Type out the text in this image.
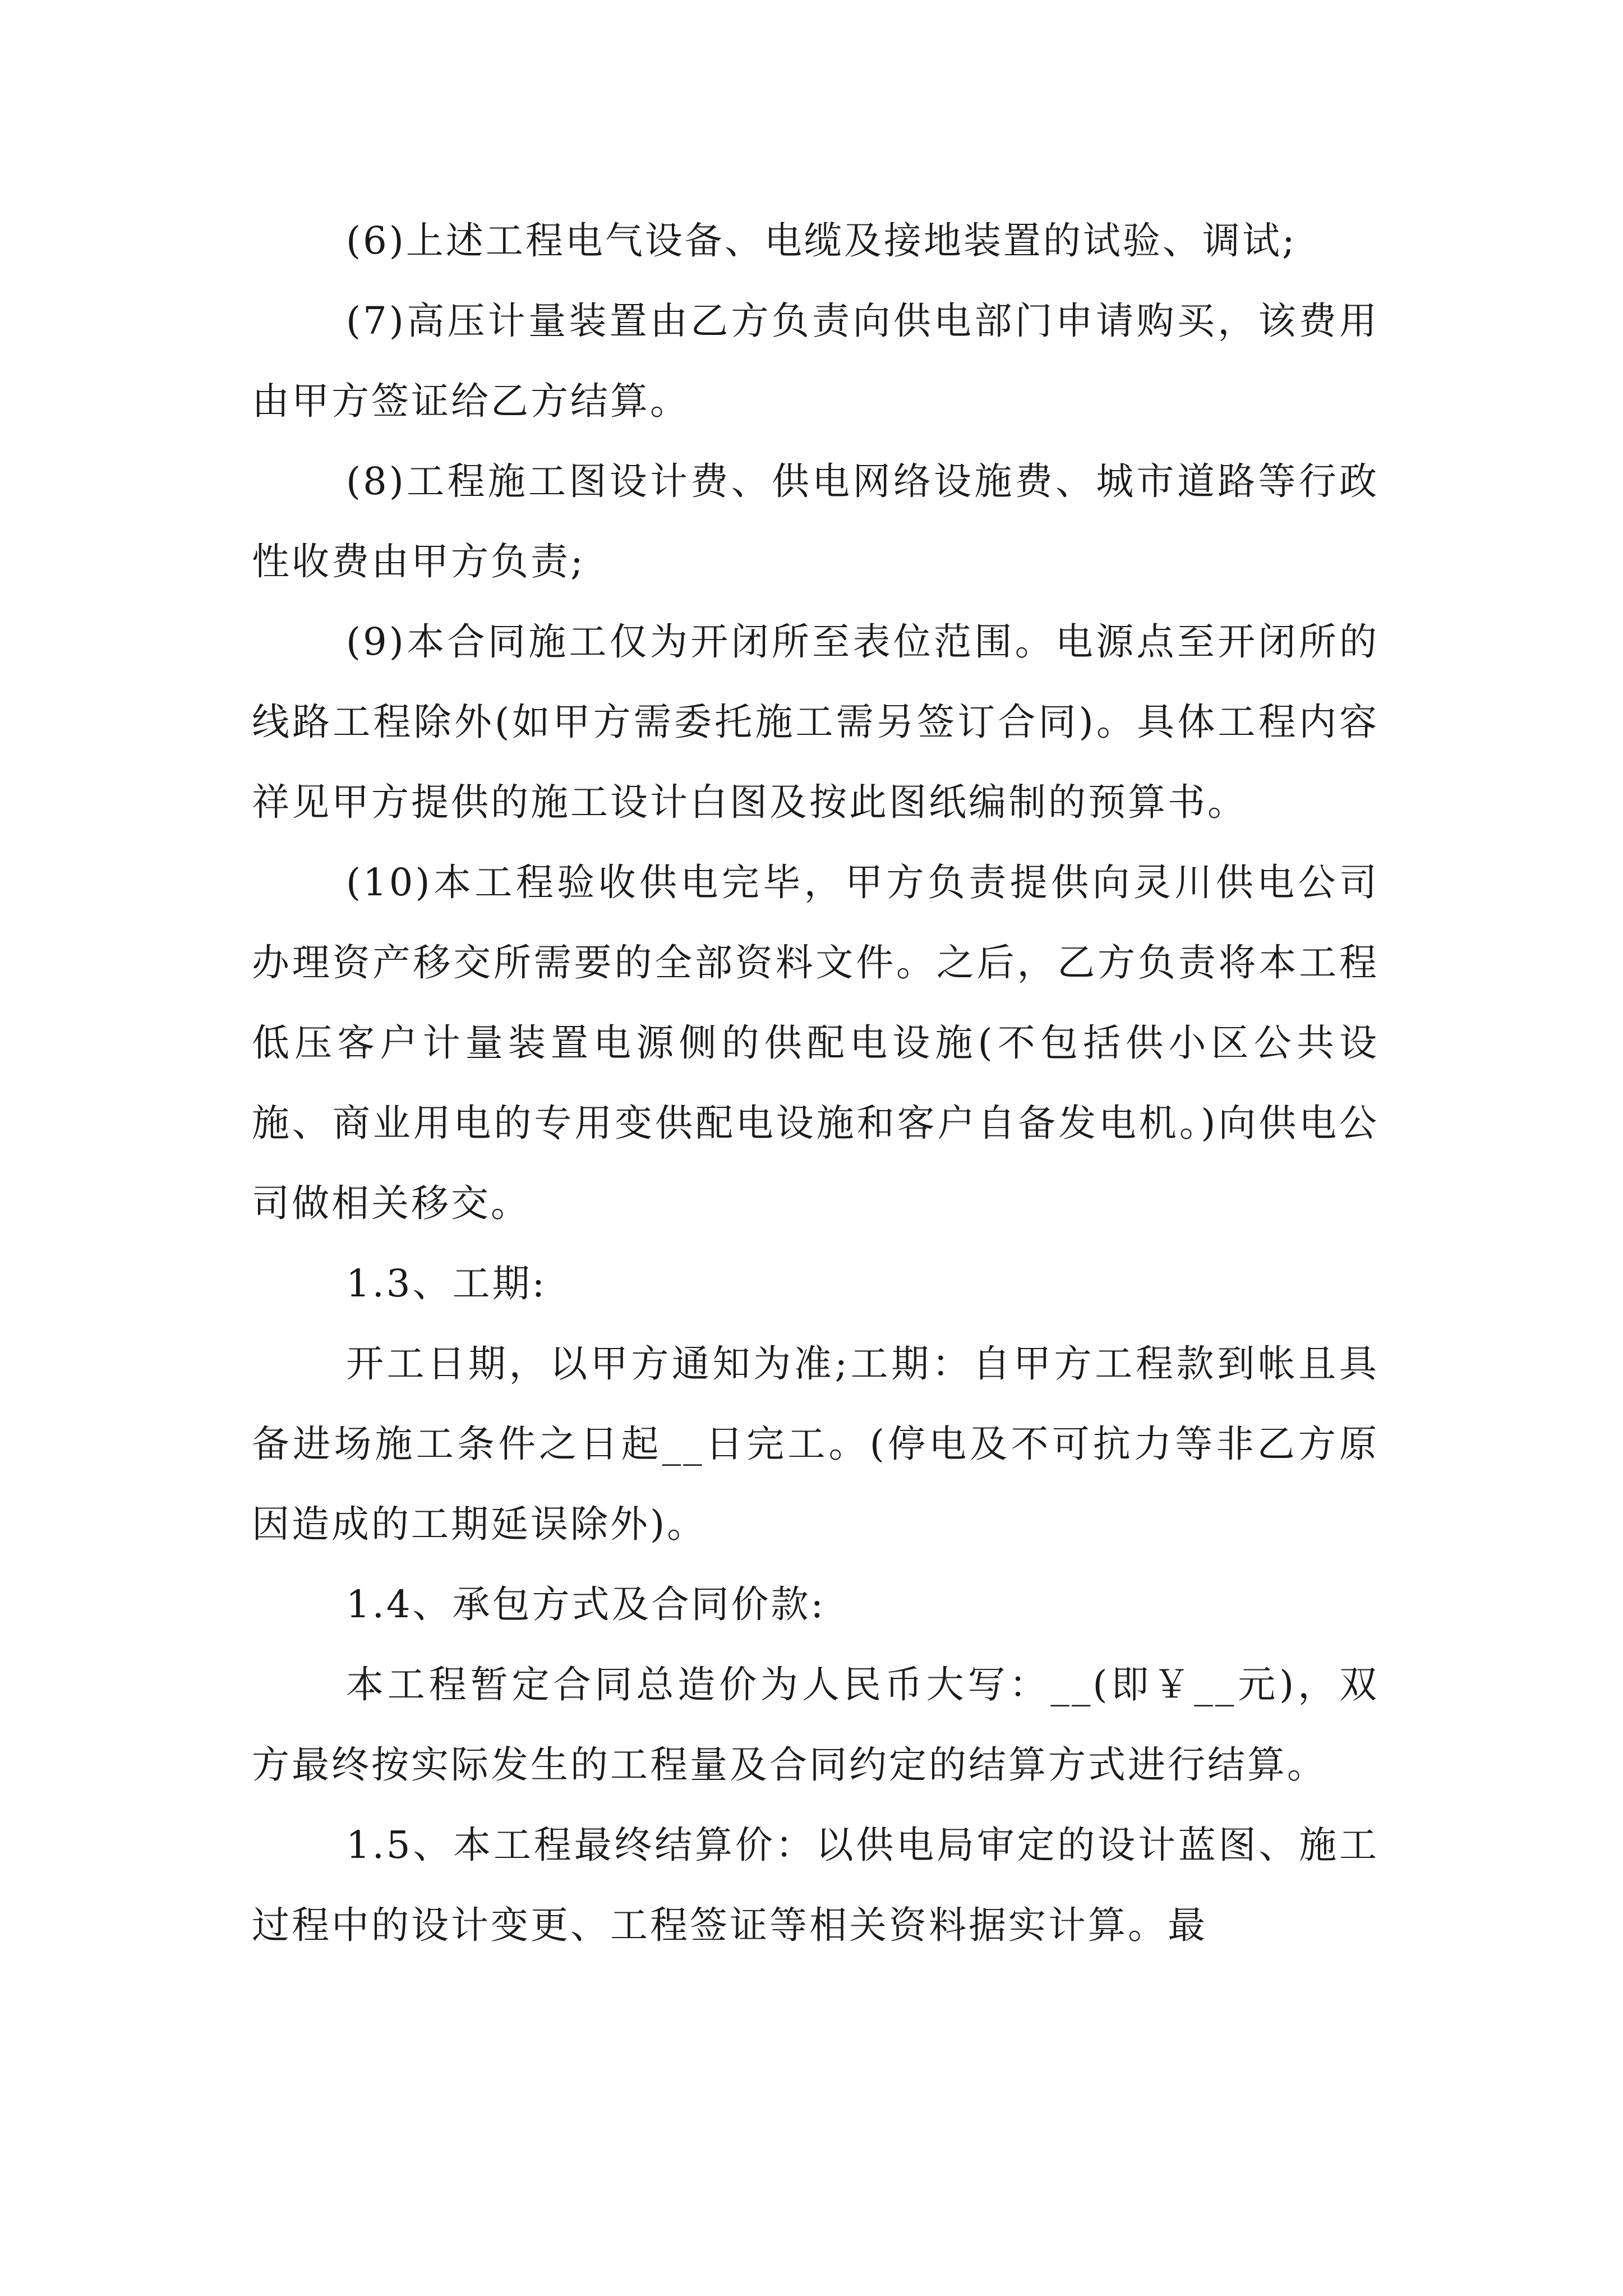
(6)上述工程电气设备、电缆及接地装置的试验、调试;

(7)高压计量装置由乙方负责向供电部门申请购买，该费用由甲方签证给乙方结算。

(8)工程施工图设计费、供电网络设施费、城市道路等行政性收费由甲方负责;

(9)本合同施工仅为开闭所至表位范围。电源点至开闭所的线路工程除外(如甲方需委托施工需另签订合同)。具体工程内容祥见甲方提供的施工设计白图及按此图纸编制的预算书。

(10)本工程验收供电完毕，甲方负责提供向灵川供电公司办理资产移交所需要的全部资料文件。之后，乙方负责将本工程低压客户计量装置电源侧的供配电设施(不包括供小区公共设施、商业用电的专用变供配电设施和客户自备发电机。)向供电公司做相关移交。

1.3、工期:

开工日期，以甲方通知为准;工期：自甲方工程款到帐且具备进场施工条件之日起__日完工。(停电及不可抗力等非乙方原因造成的工期延误除外)。

1.4、承包方式及合同价款:

本工程暂定合同总造价为人民币大写：__(即￥__元)，双方最终按实际发生的工程量及合同约定的结算方式进行结算。

1.5、本工程最终结算价：以供电局审定的设计蓝图、施工过程中的设计变更、工程签证等相关资料据实计算。最
